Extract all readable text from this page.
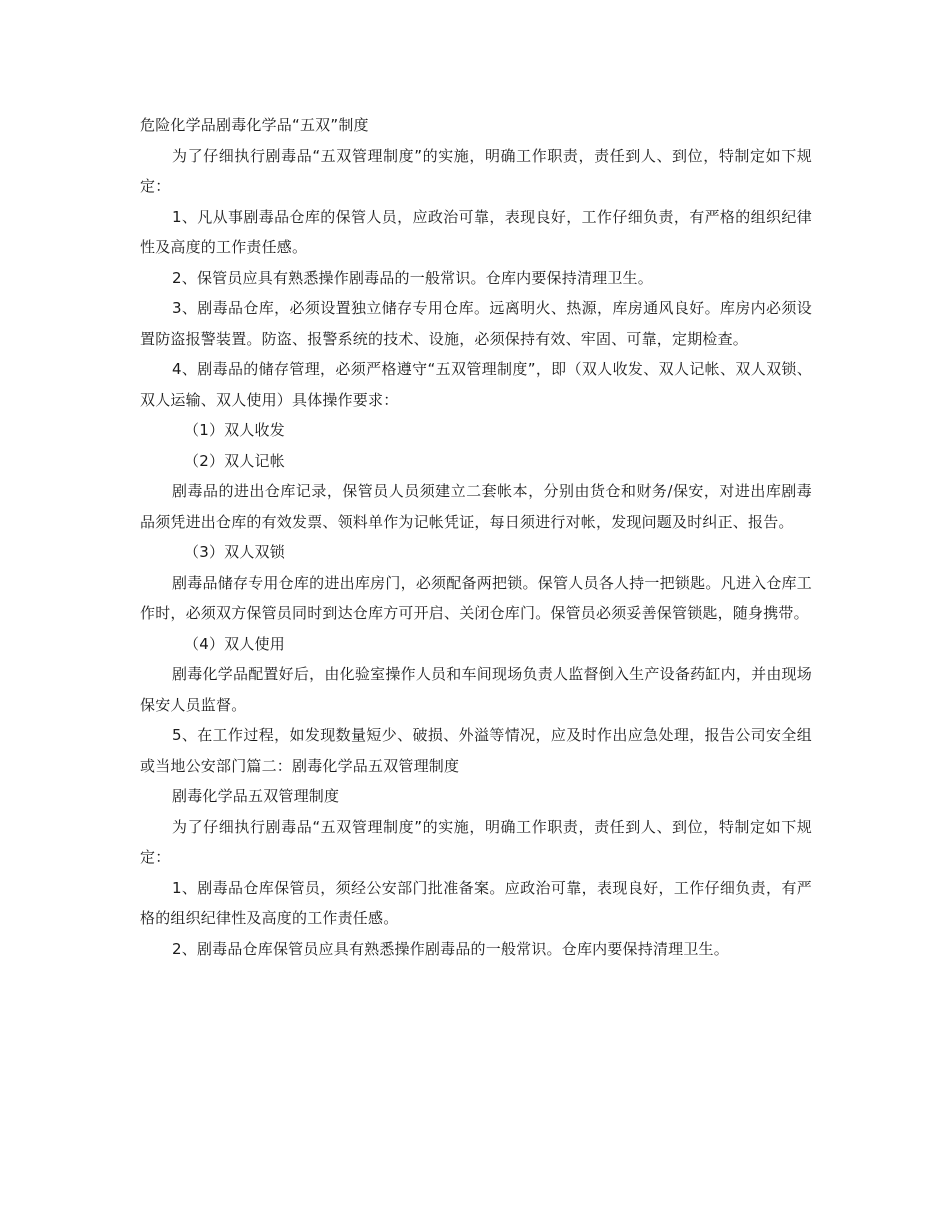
危险化学品剧毒化学品“五双”制度

为了仔细执行剧毒品“五双管理制度”的实施，明确工作职责，责任到人、到位，特制定如下规定：

1、凡从事剧毒品仓库的保管人员，应政治可靠，表现良好，工作仔细负责，有严格的组织纪律性及高度的工作责任感。

2、保管员应具有熟悉操作剧毒品的一般常识。仓库内要保持清理卫生。

3、剧毒品仓库，必须设置独立储存专用仓库。远离明火、热源，库房通风良好。库房内必须设置防盗报警装置。防盗、报警系统的技术、设施，必须保持有效、牢固、可靠，定期检查。

4、剧毒品的储存管理，必须严格遵守“五双管理制度”，即（双人收发、双人记帐、双人双锁、双人运输、双人使用）具体操作要求：

（1）双人收发

（2）双人记帐

剧毒品的进出仓库记录，保管员人员须建立二套帐本，分别由货仓和财务/保安，对进出库剧毒品须凭进出仓库的有效发票、领料单作为记帐凭证，每日须进行对帐，发现问题及时纠正、报告。

（3）双人双锁

剧毒品储存专用仓库的进出库房门，必须配备两把锁。保管人员各人持一把锁匙。凡进入仓库工作时，必须双方保管员同时到达仓库方可开启、关闭仓库门。保管员必须妥善保管锁匙，随身携带。

（4）双人使用

剧毒化学品配置好后，由化验室操作人员和车间现场负责人监督倒入生产设备药缸内，并由现场保安人员监督。

5、在工作过程，如发现数量短少、破损、外溢等情况，应及时作出应急处理，报告公司安全组或当地公安部门篇二：剧毒化学品五双管理制度

剧毒化学品五双管理制度

为了仔细执行剧毒品“五双管理制度”的实施，明确工作职责，责任到人、到位，特制定如下规定：

1、剧毒品仓库保管员，须经公安部门批准备案。应政治可靠，表现良好，工作仔细负责，有严格的组织纪律性及高度的工作责任感。

2、剧毒品仓库保管员应具有熟悉操作剧毒品的一般常识。仓库内要保持清理卫生。
